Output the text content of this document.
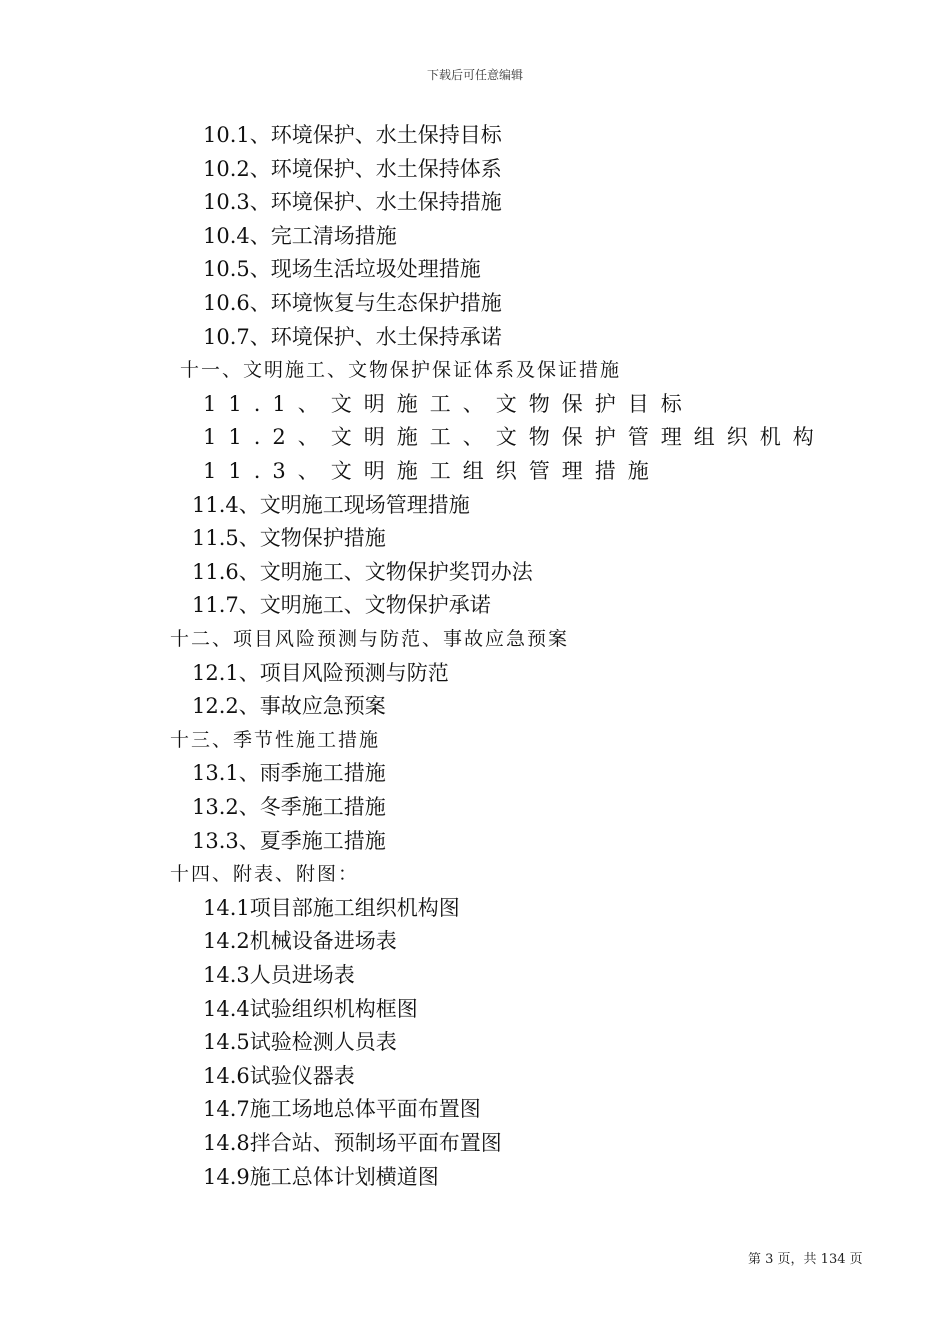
下载后可任意编辑
10.1、环境保护、水土保持目标
10.2、环境保护、水土保持体系
10.3、环境保护、水土保持措施
10.4、完工清场措施
10.5、现场生活垃圾处理措施
10.6、环境恢复与生态保护措施
10.7、环境保护、水土保持承诺
十一、文明施工、文物保护保证体系及保证措施
11.1、文明施工、文物保护目标
11.2、文明施工、文物保护管理组织机构
11.3、文明施工组织管理措施
11.4、文明施工现场管理措施
11.5、文物保护措施
11.6、文明施工、文物保护奖罚办法
11.7、文明施工、文物保护承诺
十二、项目风险预测与防范、事故应急预案
12.1、项目风险预测与防范
12.2、事故应急预案
十三、季节性施工措施
13.1、雨季施工措施
13.2、冬季施工措施
13.3、夏季施工措施
十四、附表、附图：
14.1项目部施工组织机构图
14.2机械设备进场表
14.3人员进场表
14.4试验组织机构框图
14.5试验检测人员表
14.6试验仪器表
14.7施工场地总体平面布置图
14.8拌合站、预制场平面布置图
14.9施工总体计划横道图
第 3 页，共 134 页
